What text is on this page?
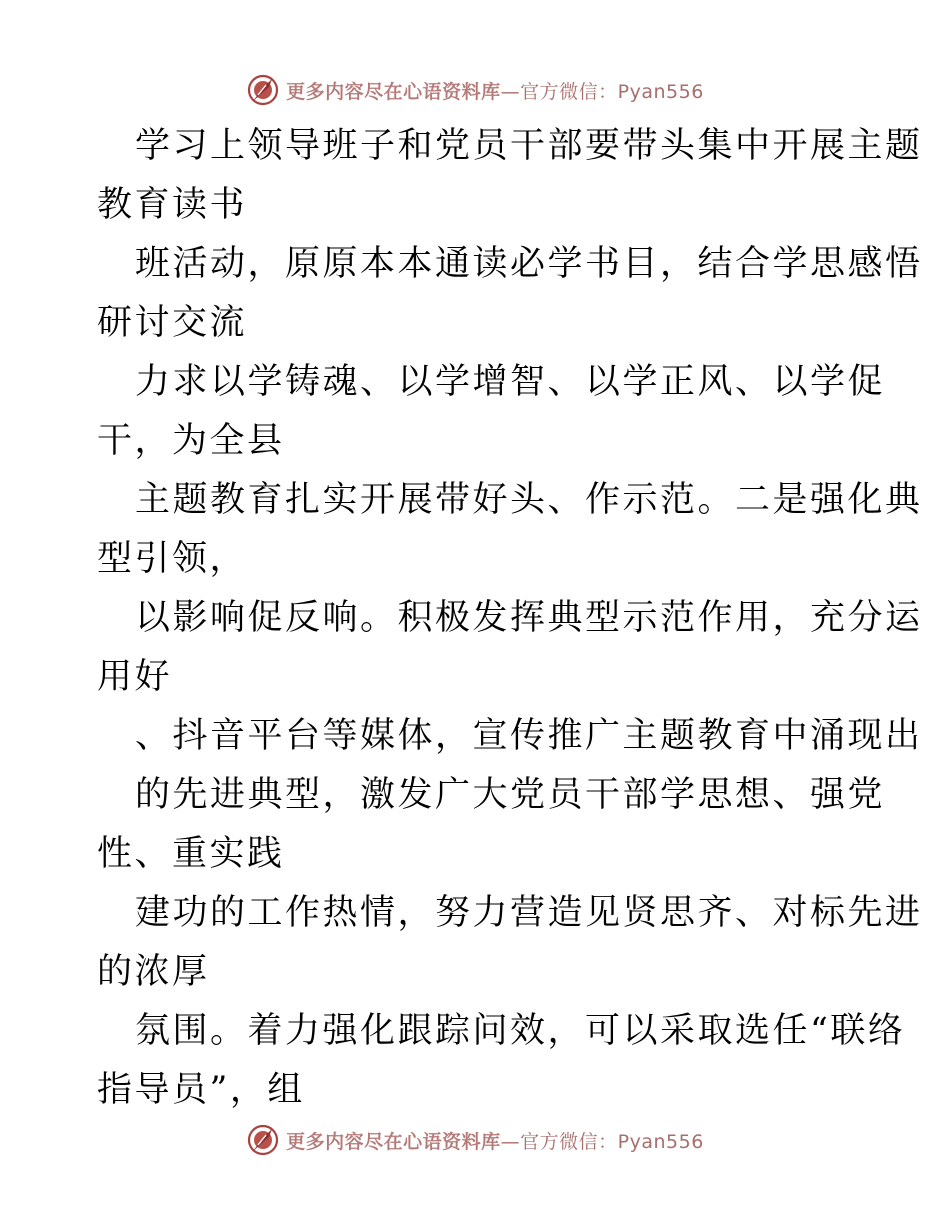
更多内容尽在心语资料库—官方微信：Pyan556
学习上领导班子和党员干部要带头集中开展主题
教育读书
班活动，原原本本通读必学书目，结合学思感悟
研讨交流
力求以学铸魂、以学增智、以学正风、以学促
干，为全县
主题教育扎实开展带好头、作示范。二是强化典
型引领，
以影响促反响。积极发挥典型示范作用，充分运
用好
、抖音平台等媒体，宣传推广主题教育中涌现出
的先进典型，激发广大党员干部学思想、强党
性、重实践
建功的工作热情，努力营造见贤思齐、对标先进
的浓厚
氛围。着力强化跟踪问效，可以采取选任“联络
指导员”，组
更多内容尽在心语资料库—官方微信：Pyan556
